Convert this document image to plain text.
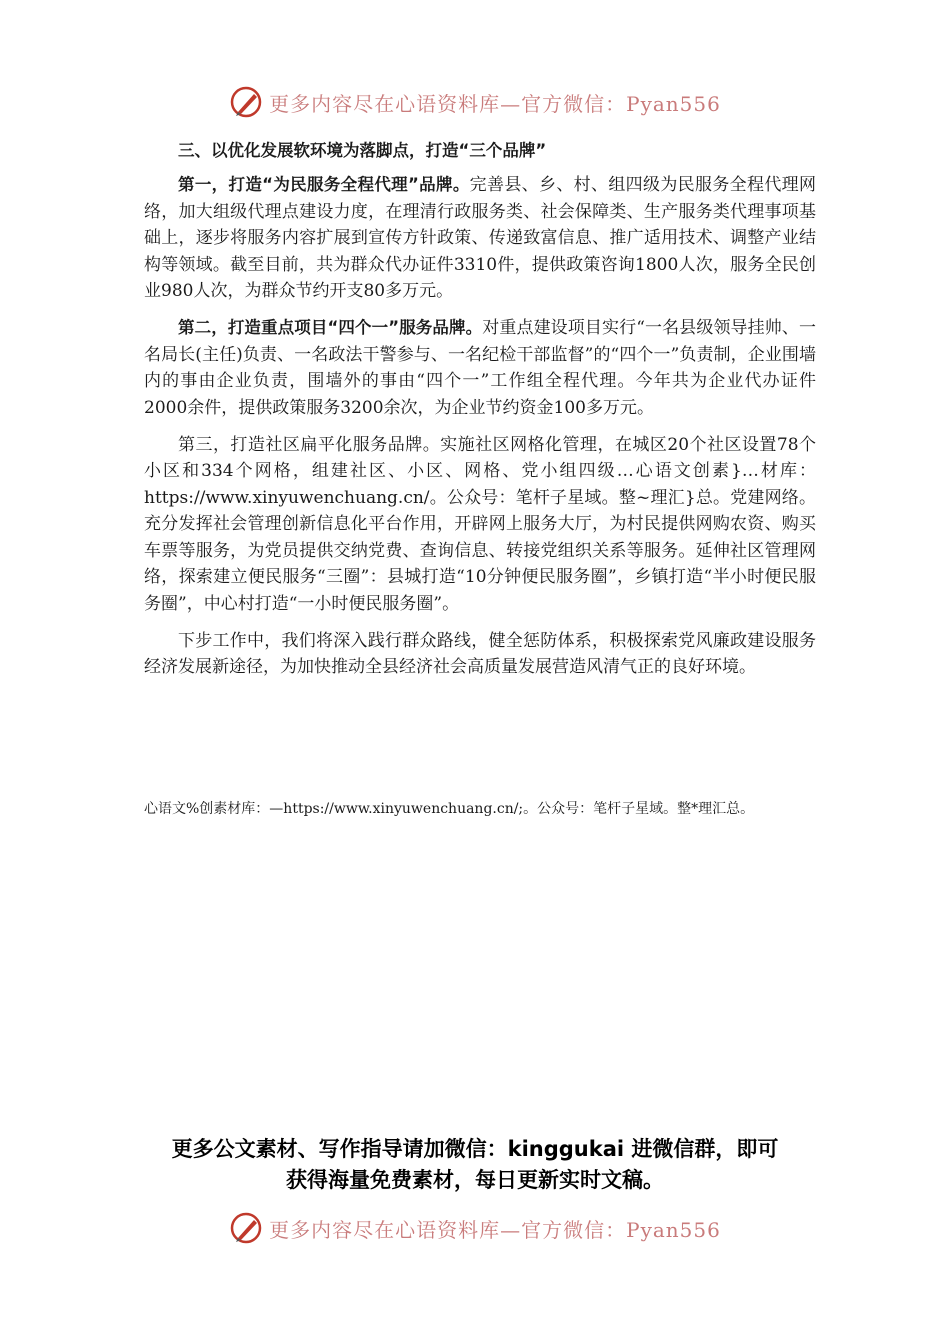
更多内容尽在心语资料库—官方微信：Pyan556

三、以优化发展软环境为落脚点，打造“三个品牌”

第一，打造“为民服务全程代理”品牌。完善县、乡、村、组四级为民服务全程代理网络，加大组级代理点建设力度，在理清行政服务类、社会保障类、生产服务类代理事项基础上，逐步将服务内容扩展到宣传方针政策、传递致富信息、推广适用技术、调整产业结构等领域。截至目前，共为群众代办证件3310件，提供政策咨询1800人次，服务全民创业980人次，为群众节约开支80多万元。

第二，打造重点项目“四个一”服务品牌。对重点建设项目实行“一名县级领导挂帅、一名局长(主任)负责、一名政法干警参与、一名纪检干部监督”的“四个一”负责制，企业围墙内的事由企业负责，围墙外的事由“四个一”工作组全程代理。今年共为企业代办证件2000余件，提供政策服务3200余次，为企业节约资金100多万元。

第三，打造社区扁平化服务品牌。实施社区网格化管理，在城区20个社区设置78个小区和334个网格，组建社区、小区、网格、党小组四级…心语文创素}…材库：https://www.xinyuwenchuang.cn/。公众号：笔杆子星域。整~理汇}总。党建网络。充分发挥社会管理创新信息化平台作用，开辟网上服务大厅，为村民提供网购农资、购买车票等服务，为党员提供交纳党费、查询信息、转接党组织关系等服务。延伸社区管理网络，探索建立便民服务“三圈”：县城打造“10分钟便民服务圈”，乡镇打造“半小时便民服务圈”，中心村打造“一小时便民服务圈”。

下步工作中，我们将深入践行群众路线，健全惩防体系，积极探索党风廉政建设服务经济发展新途径，为加快推动全县经济社会高质量发展营造风清气正的良好环境。

心语文%创素材库：—https://www.xinyuwenchuang.cn/;。公众号：笔杆子星域。整*理汇总。
更多公文素材、写作指导请加微信：kinggukai 进微信群，即可
获得海量免费素材，每日更新实时文稿。
更多内容尽在心语资料库—官方微信：Pyan556
